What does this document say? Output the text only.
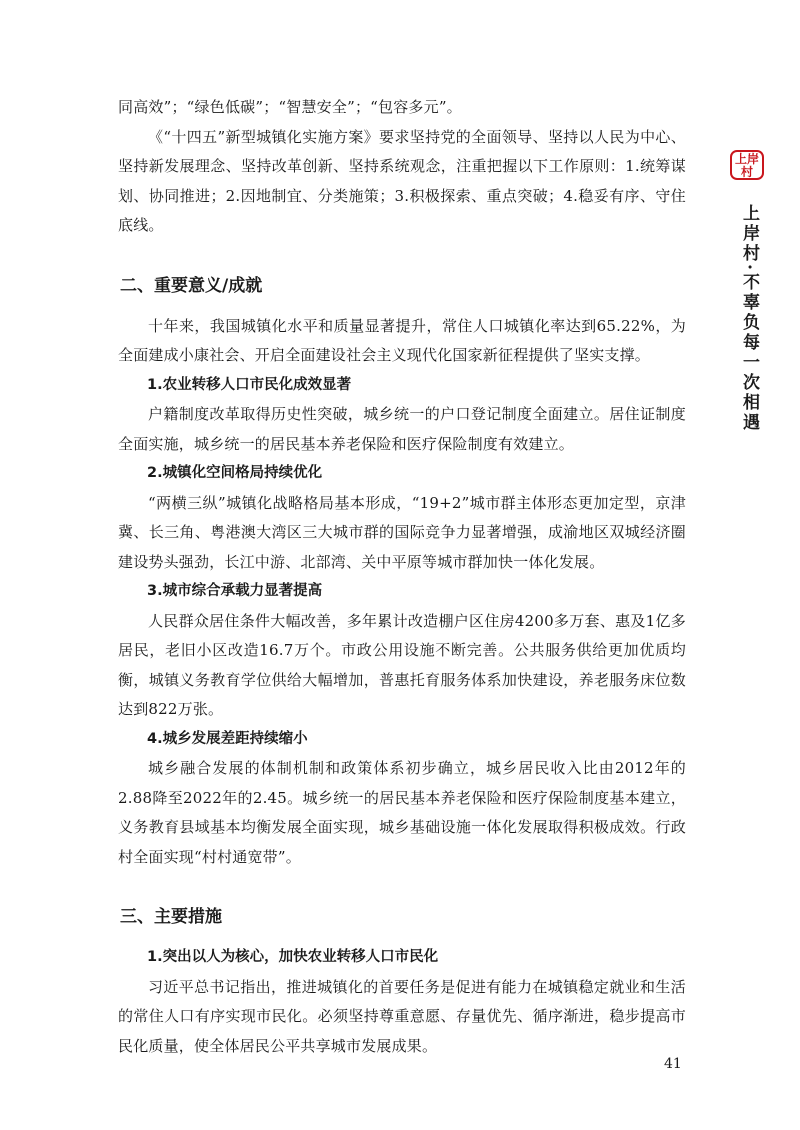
同高效”；“绿色低碳”；“智慧安全”；“包容多元”。

《“十四五”新型城镇化实施方案》要求坚持党的全面领导、坚持以人民为中心、坚持新发展理念、坚持改革创新、坚持系统观念，注重把握以下工作原则：1.统筹谋划、协同推进；2.因地制宜、分类施策；3.积极探索、重点突破；4.稳妥有序、守住底线。

二、重要意义/成就

十年来，我国城镇化水平和质量显著提升，常住人口城镇化率达到65.22%，为全面建成小康社会、开启全面建设社会主义现代化国家新征程提供了坚实支撑。

1.农业转移人口市民化成效显著

户籍制度改革取得历史性突破，城乡统一的户口登记制度全面建立。居住证制度全面实施，城乡统一的居民基本养老保险和医疗保险制度有效建立。

2.城镇化空间格局持续优化

“两横三纵”城镇化战略格局基本形成，“19+2”城市群主体形态更加定型，京津冀、长三角、粤港澳大湾区三大城市群的国际竞争力显著增强，成渝地区双城经济圈建设势头强劲，长江中游、北部湾、关中平原等城市群加快一体化发展。

3.城市综合承载力显著提高

人民群众居住条件大幅改善，多年累计改造棚户区住房4200多万套、惠及1亿多居民，老旧小区改造16.7万个。市政公用设施不断完善。公共服务供给更加优质均衡，城镇义务教育学位供给大幅增加，普惠托育服务体系加快建设，养老服务床位数达到822万张。

4.城乡发展差距持续缩小

城乡融合发展的体制机制和政策体系初步确立，城乡居民收入比由2012年的2.88降至2022年的2.45。城乡统一的居民基本养老保险和医疗保险制度基本建立，义务教育县域基本均衡发展全面实现，城乡基础设施一体化发展取得积极成效。行政村全面实现“村村通宽带”。

三、主要措施
1.突出以人为核心，加快农业转移人口市民化

习近平总书记指出，推进城镇化的首要任务是促进有能力在城镇稳定就业和生活的常住人口有序实现市民化。必须坚持尊重意愿、存量优先、循序渐进，稳步提高市民化质量，使全体居民公平共享城市发展成果。

上岸村
上岸村·不辜负每一次相遇
41
